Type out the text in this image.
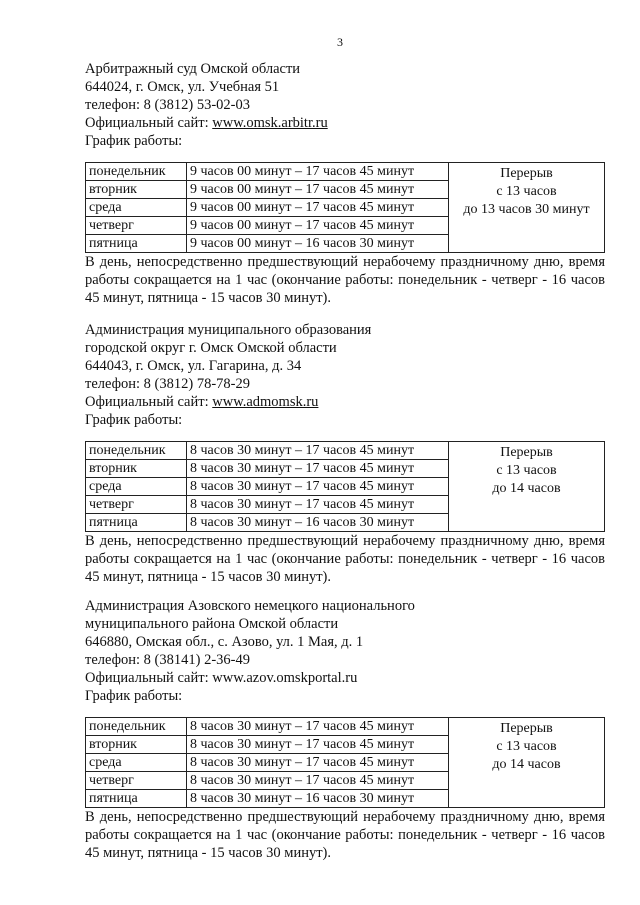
3
Арбитражный суд Омской области
644024, г. Омск, ул. Учебная 51
телефон: 8 (3812) 53-02-03
Официальный сайт: www.omsk.arbitr.ru
График работы:
понедельник	9 часов 00 минут – 17 часов 45 минут	Перерыв
с 13 часов
до 13 часов 30 минут

вторник	9 часов 00 минут – 17 часов 45 минут	
среда	9 часов 00 минут – 17 часов 45 минут	
четверг	9 часов 00 минут – 17 часов 45 минут	
пятница	9 часов 00 минут – 16 часов 30 минут	
В день, непосредственно предшествующий нерабочему праздничному дню, время работы сокращается на 1 час (окончание работы: понедельник - четверг - 16 часов 45 минут, пятница - 15 часов 30 минут).
Администрация муниципального образования
городской округ г. Омск Омской области
644043, г. Омск, ул. Гагарина, д. 34
телефон: 8 (3812) 78-78-29
Официальный сайт: www.admomsk.ru
График работы:
понедельник	8 часов 30 минут – 17 часов 45 минут	Перерыв
с 13 часов
до 14 часов

вторник	8 часов 30 минут – 17 часов 45 минут	
среда	8 часов 30 минут – 17 часов 45 минут	
четверг	8 часов 30 минут – 17 часов 45 минут	
пятница	8 часов 30 минут – 16 часов 30 минут	
В день, непосредственно предшествующий нерабочему праздничному дню, время работы сокращается на 1 час (окончание работы: понедельник - четверг - 16 часов 45 минут, пятница - 15 часов 30 минут).
Администрация Азовского немецкого национального
муниципального района Омской области
646880, Омская обл., с. Азово, ул. 1 Мая, д. 1
телефон: 8 (38141) 2-36-49
Официальный сайт: www.azov.omskportal.ru
График работы:
понедельник	8 часов 30 минут – 17 часов 45 минут	Перерыв
с 13 часов
до 14 часов

вторник	8 часов 30 минут – 17 часов 45 минут	
среда	8 часов 30 минут – 17 часов 45 минут	
четверг	8 часов 30 минут – 17 часов 45 минут	
пятница	8 часов 30 минут – 16 часов 30 минут	
В день, непосредственно предшествующий нерабочему праздничному дню, время работы сокращается на 1 час (окончание работы: понедельник - четверг - 16 часов 45 минут, пятница - 15 часов 30 минут).
